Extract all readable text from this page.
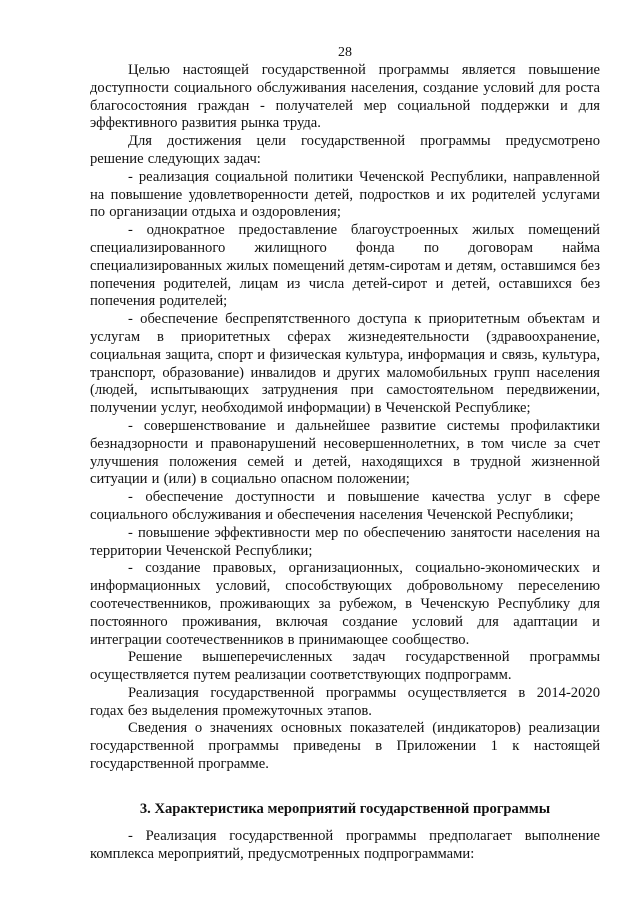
28

Целью настоящей государственной программы является повышение доступности социального обслуживания населения, создание условий для роста благосостояния граждан - получателей мер социальной поддержки и для эффективного развития рынка труда.

Для достижения цели государственной программы предусмотрено решение следующих задач:

- реализация социальной политики Чеченской Республики, направленной на повышение удовлетворенности детей, подростков и их родителей услугами по организации отдыха и оздоровления;

- однократное предоставление благоустроенных жилых помещений специализированного жилищного фонда по договорам найма специализированных жилых помещений детям-сиротам и детям, оставшимся без попечения родителей, лицам из числа детей-сирот и детей, оставшихся без попечения родителей;

- обеспечение беспрепятственного доступа к приоритетным объектам и услугам в приоритетных сферах жизнедеятельности (здравоохранение, социальная защита, спорт и физическая культура, информация и связь, культура, транспорт, образование) инвалидов и других маломобильных групп населения (людей, испытывающих затруднения при самостоятельном передвижении, получении услуг, необходимой информации) в Чеченской Республике;

- совершенствование и дальнейшее развитие системы профилактики безнадзорности и правонарушений несовершеннолетних, в том числе за счет улучшения положения семей и детей, находящихся в трудной жизненной ситуации и (или) в социально опасном положении;

- обеспечение доступности и повышение качества услуг в сфере социального обслуживания и обеспечения населения Чеченской Республики;

- повышение эффективности мер по обеспечению занятости населения на территории Чеченской Республики;

- создание правовых, организационных, социально-экономических и информационных условий, способствующих добровольному переселению соотечественников, проживающих за рубежом, в Чеченскую Республику для постоянного проживания, включая создание условий для адаптации и интеграции соотечественников в принимающее сообщество.

Решение вышеперечисленных задач государственной программы осуществляется путем реализации соответствующих подпрограмм.

Реализация государственной программы осуществляется в 2014-2020 годах без выделения промежуточных этапов.

Сведения о значениях основных показателей (индикаторов) реализации государственной программы приведены в Приложении 1 к настоящей государственной программе.

3. Характеристика мероприятий государственной программы

- Реализация государственной программы предполагает выполнение комплекса мероприятий, предусмотренных подпрограммами:
